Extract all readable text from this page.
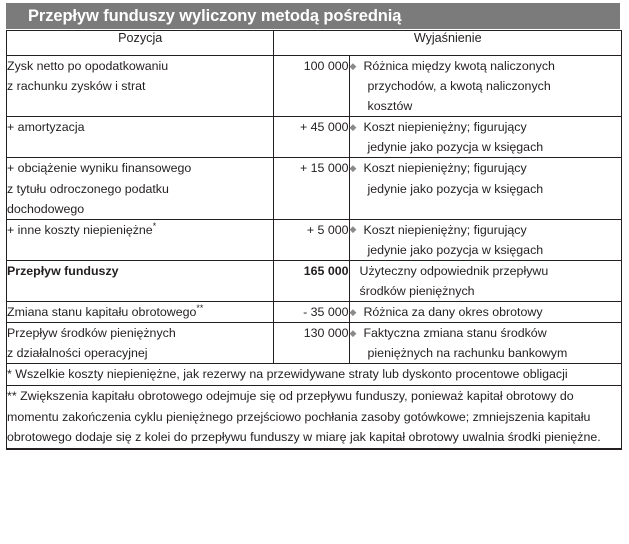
Przepływ funduszy wyliczony metodą pośrednią
Pozycja	Wyjaśnienie	
Zysk netto po opodatkowaniu
z rachunku zysków i strat	100 000	◆ Różnica między kwotą naliczonych
przychodów, a kwotą naliczonych
kosztów

+ amortyzacja	+ 45 000	◆ Koszt niepieniężny; figurujący
jedynie jako pozycja w księgach

+ obciążenie wyniku finansowego
z tytułu odroczonego podatku
dochodowego	+ 15 000	◆ Koszt niepieniężny; figurujący
jedynie jako pozycja w księgach

+ inne koszty niepieniężne*	+ 5 000	◆ Koszt niepieniężny; figurujący
jedynie jako pozycja w księgach

Przepływ funduszy	165 000	Użyteczny odpowiednik przepływu
środków pieniężnych

Zmiana stanu kapitału obrotowego**	- 35 000	◆ Różnica za dany okres obrotowy

Przepływ środków pieniężnych
z działalności operacyjnej	130 000	◆ Faktyczna zmiana stanu środków
pieniężnych na rachunku bankowym

* Wszelkie koszty niepieniężne, jak rezerwy na przewidywane straty lub dyskonto procentowe obligacji		

** Zwiększenia kapitału obrotowego odejmuje się od przepływu funduszy, ponieważ kapitał obrotowy do momentu zakończenia cyklu pieniężnego przejściowo pochłania zasoby gotówkowe; zmniejszenia kapitału obrotowego dodaje się z kolei do przepływu funduszy w miarę jak kapitał obrotowy uwalnia środki pieniężne.		
